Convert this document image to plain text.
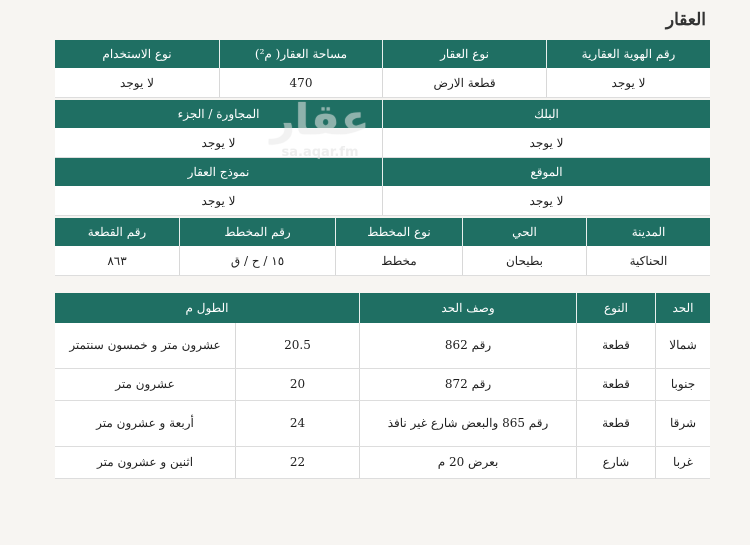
العقار
رقم الهوية العقارية
نوع العقار
مساحة العقار( م²)
نوع الاستخدام
لا يوجد
قطعة الارض
470
لا يوجد
البلك
المجاورة / الجزء
لا يوجد
لا يوجد
الموقع
نموذج العقار
لا يوجد
لا يوجد
المدينة
الحي
نوع المخطط
رقم المخطط
رقم القطعة
الحناكية
بطيحان
مخطط
١٥ / ح / ق
٨٦٣
الحد
النوع
وصف الحد
الطول م
شمالا
قطعة
رقم 862
20.5
عشرون متر و خمسون سنتمتر
جنوبا
قطعة
رقم 872
20
عشرون متر
شرقا
قطعة
رقم 865 والبعض شارع غير نافذ
24
أربعة و عشرون متر
غربا
شارع
بعرض 20 م
22
اثنين و عشرون متر
عقار
sa.aqar.fm
